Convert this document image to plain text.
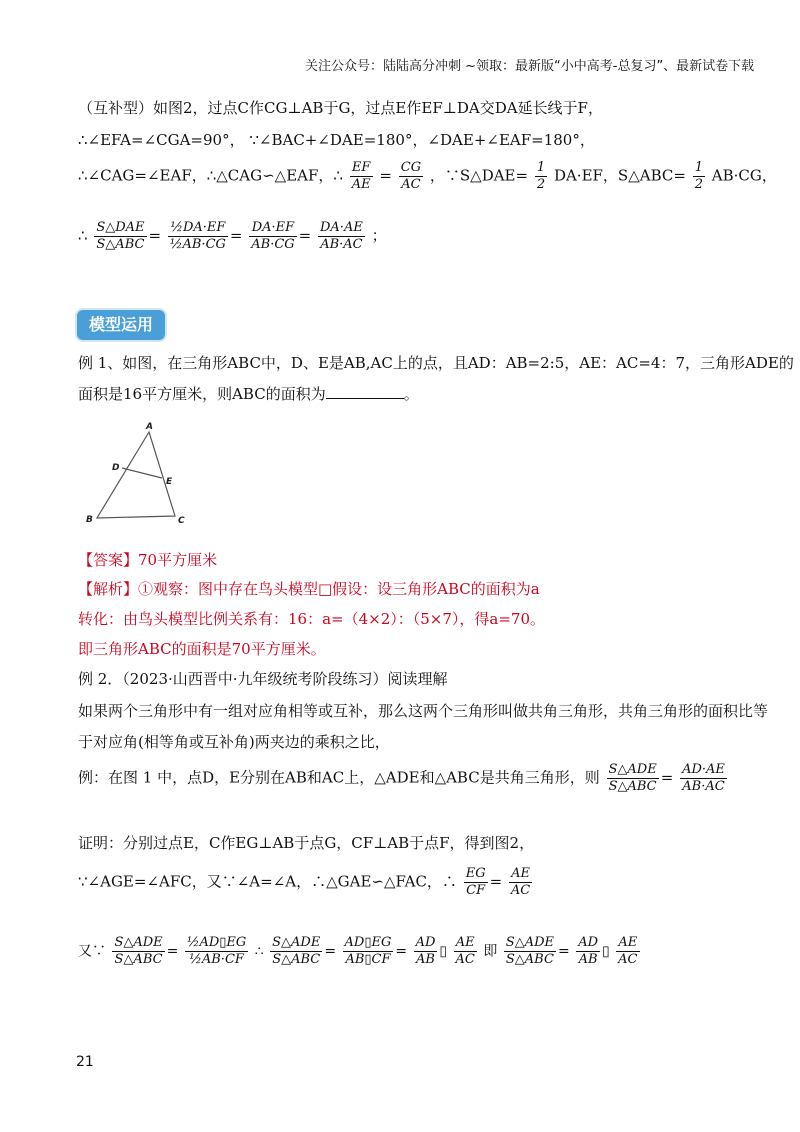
关注公众号：陆陆高分冲刺 ~领取：最新版“小中高考-总复习”、最新试卷下载
（互补型）如图2，过点C作CG⊥AB于G，过点E作EF⊥DA交DA延长线于F，
∴∠EFA=∠CGA=90°， ∵∠BAC+∠DAE=180°，∠DAE+∠EAF=180°，
∴∠CAG=∠EAF，∴△CAG∽△EAF，∴ $\frac{EF}{AE} = \frac{CG}{AC}$ ，∵S△DAE= $\frac{1}{2} DA\cdot EF$，S△ABC= $\frac{1}{2} AB\cdot CG$，
∴ $\frac{\text{S△DAE}}{\text{S△ABC}} = \frac{\text{½DA·EF}}{\text{½AB·CG}} = \frac{DA\cdot EF}{AB\cdot CG} = \frac{DA\cdot AE}{AB\cdot AC}$ ；
模型运用
例 1、如图，在三角形ABC中，D、E是AB,AC上的点，且AD：AB=2:5，AE：AC=4：7，三角形ADE的
面积是16平方厘米，则ABC的面积为	。
A
B	C
D
E
【答案】70平方厘米
【解析】①观察：图中存在鸟头模型□假设：设三角形ABC的面积为a
转化：由鸟头模型比例关系有：16：a=（4×2）：（5×7），得a=70。
即三角形ABC的面积是70平方厘米。
例 2．（2023·山西晋中·九年级统考阶段练习）阅读理解
如果两个三角形中有一组对应角相等或互补，那么这两个三角形叫做共角三角形，共角三角形的面积比等
于对应角(相等角或互补角)两夹边的乘积之比，
例：在图 1 中，点D，E分别在AB和AC上，△ADE和△ABC是共角三角形，则 $\frac{\text{S△ADE}}{\text{S△ABC}} = \frac{AD\cdot AE}{AB\cdot AC}$
证明：分别过点E，C作EG⊥AB于点G，CF⊥AB于点F，得到图2，
∵∠AGE=∠AFC，又∵∠A=∠A，∴△GAE∽△FAC，∴ $\frac{EG}{CF} = \frac{AE}{AC}$
又∵ $\frac{\text{S△ADE}}{\text{S△ABC}} = \frac{\text{½AD▯EG}}{\text{½AB·CF}}$ ∴ $\frac{\text{S△ADE}}{\text{S△ABC}} = \frac{AD▯EG}{AB▯CF} = \frac{AD}{AB}$ ▯ $\frac{AE}{AC}$ 即 $\frac{\text{S△ADE}}{\text{S△ABC}} = \frac{AD}{AB}$ ▯ $\frac{AE}{AC}$
21
